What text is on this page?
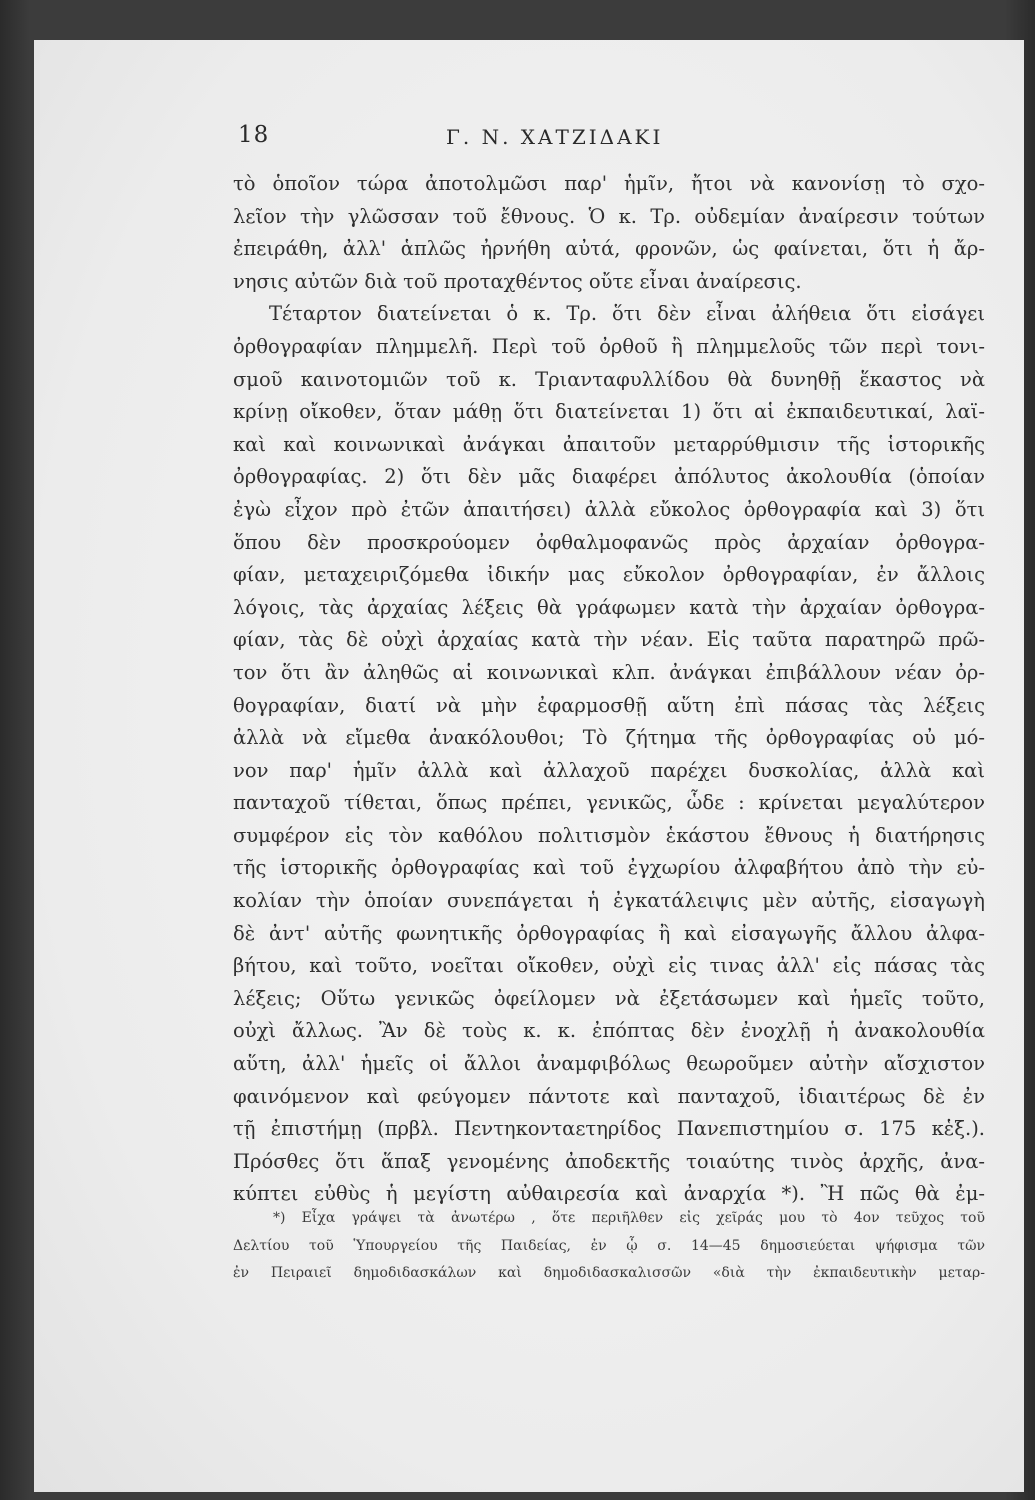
18	Γ. Ν. ΧΑΤΖΙΔΑΚΙ
τὸ ὁποῖον τώρα ἀποτολμῶσι παρ' ἡμῖν, ἤτοι νὰ κανονίσῃ τὸ σχο-
λεῖον τὴν γλῶσσαν τοῦ ἔθνους. Ὁ κ. Τρ. οὐδεμίαν ἀναίρεσιν τούτων
ἐπειράθη, ἀλλ' ἁπλῶς ἠρνήθη αὐτά, φρονῶν, ὡς φαίνεται, ὅτι ἡ ἄρ-
νησις αὐτῶν διὰ τοῦ προταχθέντος οὔτε εἶναι ἀναίρεσις.
Τέταρτον διατείνεται ὁ κ. Τρ. ὅτι δὲν εἶναι ἀλήθεια ὅτι εἰσάγει
ὀρθογραφίαν πλημμελῆ. Περὶ τοῦ ὀρθοῦ ἢ πλημμελοῦς τῶν περὶ τονι-
σμοῦ καινοτομιῶν τοῦ κ. Τριανταφυλλίδου θὰ δυνηθῇ ἕκαστος νὰ
κρίνῃ οἴκοθεν, ὅταν μάθῃ ὅτι διατείνεται 1) ὅτι αἱ ἐκπαιδευτικαί, λαϊ-
καὶ καὶ κοινωνικαὶ ἀνάγκαι ἀπαιτοῦν μεταρρύθμισιν τῆς ἱστορικῆς
ὀρθογραφίας. 2) ὅτι δὲν μᾶς διαφέρει ἀπόλυτος ἀκολουθία (ὁποίαν
ἐγὼ εἶχον πρὸ ἐτῶν ἀπαιτήσει) ἀλλὰ εὔκολος ὀρθογραφία καὶ 3) ὅτι
ὅπου δὲν προσκρούομεν ὀφθαλμοφανῶς πρὸς ἀρχαίαν ὀρθογρα-
φίαν, μεταχειριζόμεθα ἰδικήν μας εὔκολον ὀρθογραφίαν, ἐν ἄλλοις
λόγοις, τὰς ἀρχαίας λέξεις θὰ γράφωμεν κατὰ τὴν ἀρχαίαν ὀρθογρα-
φίαν, τὰς δὲ οὐχὶ ἀρχαίας κατὰ τὴν νέαν. Εἰς ταῦτα παρατηρῶ πρῶ-
τον ὅτι ἂν ἀληθῶς αἱ κοινωνικαὶ κλπ. ἀνάγκαι ἐπιβάλλουν νέαν ὀρ-
θογραφίαν, διατί νὰ μὴν ἐφαρμοσθῇ αὕτη ἐπὶ πάσας τὰς λέξεις
ἀλλὰ νὰ εἴμεθα ἀνακόλουθοι; Τὸ ζήτημα τῆς ὀρθογραφίας οὐ μό-
νον παρ' ἡμῖν ἀλλὰ καὶ ἀλλαχοῦ παρέχει δυσκολίας, ἀλλὰ καὶ
πανταχοῦ τίθεται, ὅπως πρέπει, γενικῶς, ὧδε : κρίνεται μεγαλύτερον
συμφέρον εἰς τὸν καθόλου πολιτισμὸν ἑκάστου ἔθνους ἡ διατήρησις
τῆς ἱστορικῆς ὀρθογραφίας καὶ τοῦ ἐγχωρίου ἀλφαβήτου ἀπὸ τὴν εὐ-
κολίαν τὴν ὁποίαν συνεπάγεται ἡ ἐγκατάλειψις μὲν αὐτῆς, εἰσαγωγὴ
δὲ ἀντ' αὐτῆς φωνητικῆς ὀρθογραφίας ἢ καὶ εἰσαγωγῆς ἄλλου ἀλφα-
βήτου, καὶ τοῦτο, νοεῖται οἴκοθεν, οὐχὶ εἰς τινας ἀλλ' εἰς πάσας τὰς
λέξεις; Οὕτω γενικῶς ὀφείλομεν νὰ ἐξετάσωμεν καὶ ἡμεῖς τοῦτο,
οὐχὶ ἄλλως. Ἂν δὲ τοὺς κ. κ. ἐπόπτας δὲν ἐνοχλῇ ἡ ἀνακολουθία
αὕτη, ἀλλ' ἡμεῖς οἱ ἄλλοι ἀναμφιβόλως θεωροῦμεν αὐτὴν αἴσχιστον
φαινόμενον καὶ φεύγομεν πάντοτε καὶ πανταχοῦ, ἰδιαιτέρως δὲ ἐν
τῇ ἐπιστήμῃ (πρβλ. Πεντηκονταετηρίδος Πανεπιστημίου σ. 175 κἑξ.).
Πρόσθες ὅτι ἅπαξ γενομένης ἀποδεκτῆς τοιαύτης τινὸς ἀρχῆς, ἀνα-
κύπτει εὐθὺς ἡ μεγίστη αὐθαιρεσία καὶ ἀναρχία *). Ἢ πῶς θὰ ἐμ-
*) Εἶχα γράψει τὰ ἀνωτέρω , ὅτε περιῆλθεν εἰς χεῖράς μου τὸ 4ον τεῦχος τοῦ
Δελτίου τοῦ Ὑπουργείου τῆς Παιδείας, ἐν ᾧ σ. 14—45 δημοσιεύεται ψήφισμα τῶν
ἐν Πειραιεῖ δημοδιδασκάλων καὶ δημοδιδασκαλισσῶν «διὰ τὴν ἐκπαιδευτικὴν μεταρ-
